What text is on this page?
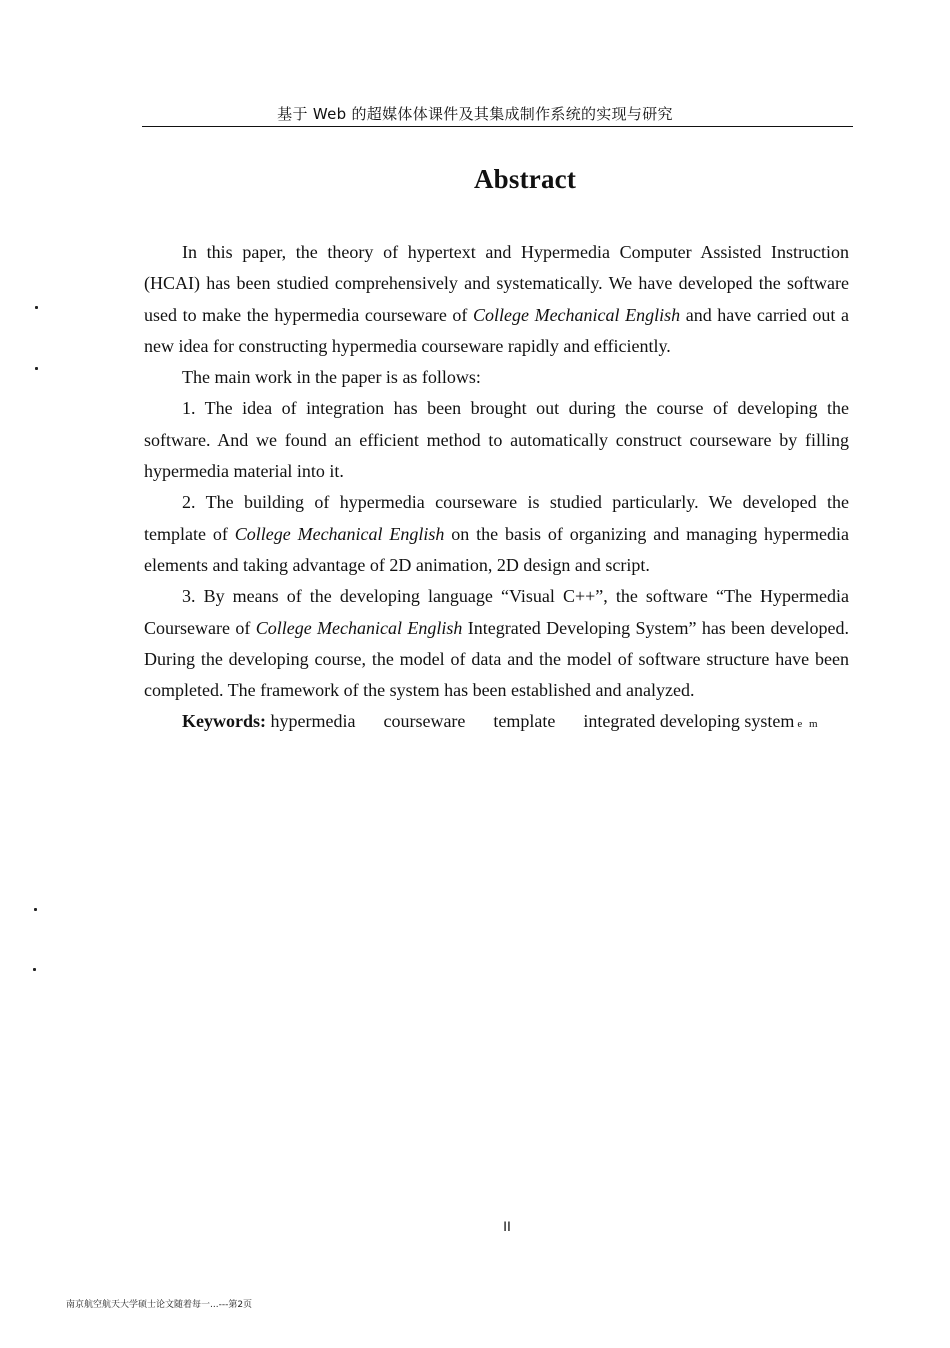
基于 Web 的超媒体体课件及其集成制作系统的实现与研究
Abstract

In this paper, the theory of hypertext and Hypermedia Computer Assisted Instruction (HCAI) has been studied comprehensively and systematically. We have developed the software used to make the hypermedia courseware of College Mechanical English and have carried out a new idea for constructing hypermedia courseware rapidly and efficiently.

The main work in the paper is as follows:

1. The idea of integration has been brought out during the course of developing the software. And we found an efficient method to automatically construct courseware by filling hypermedia material into it.

2. The building of hypermedia courseware is studied particularly. We developed the template of College Mechanical English on the basis of organizing and managing hypermedia elements and taking advantage of 2D animation, 2D design and script.

3. By means of the developing language “Visual C++”, the software “The Hypermedia Courseware of College Mechanical English Integrated Developing System” has been developed. During the developing course, the model of data and the model of software structure have been completed. The framework of the system has been established and analyzed.

Keywords: hypermedia courseware template integrated developing system e m

II
南京航空航天大学硕士论文随着每一...---第2页
